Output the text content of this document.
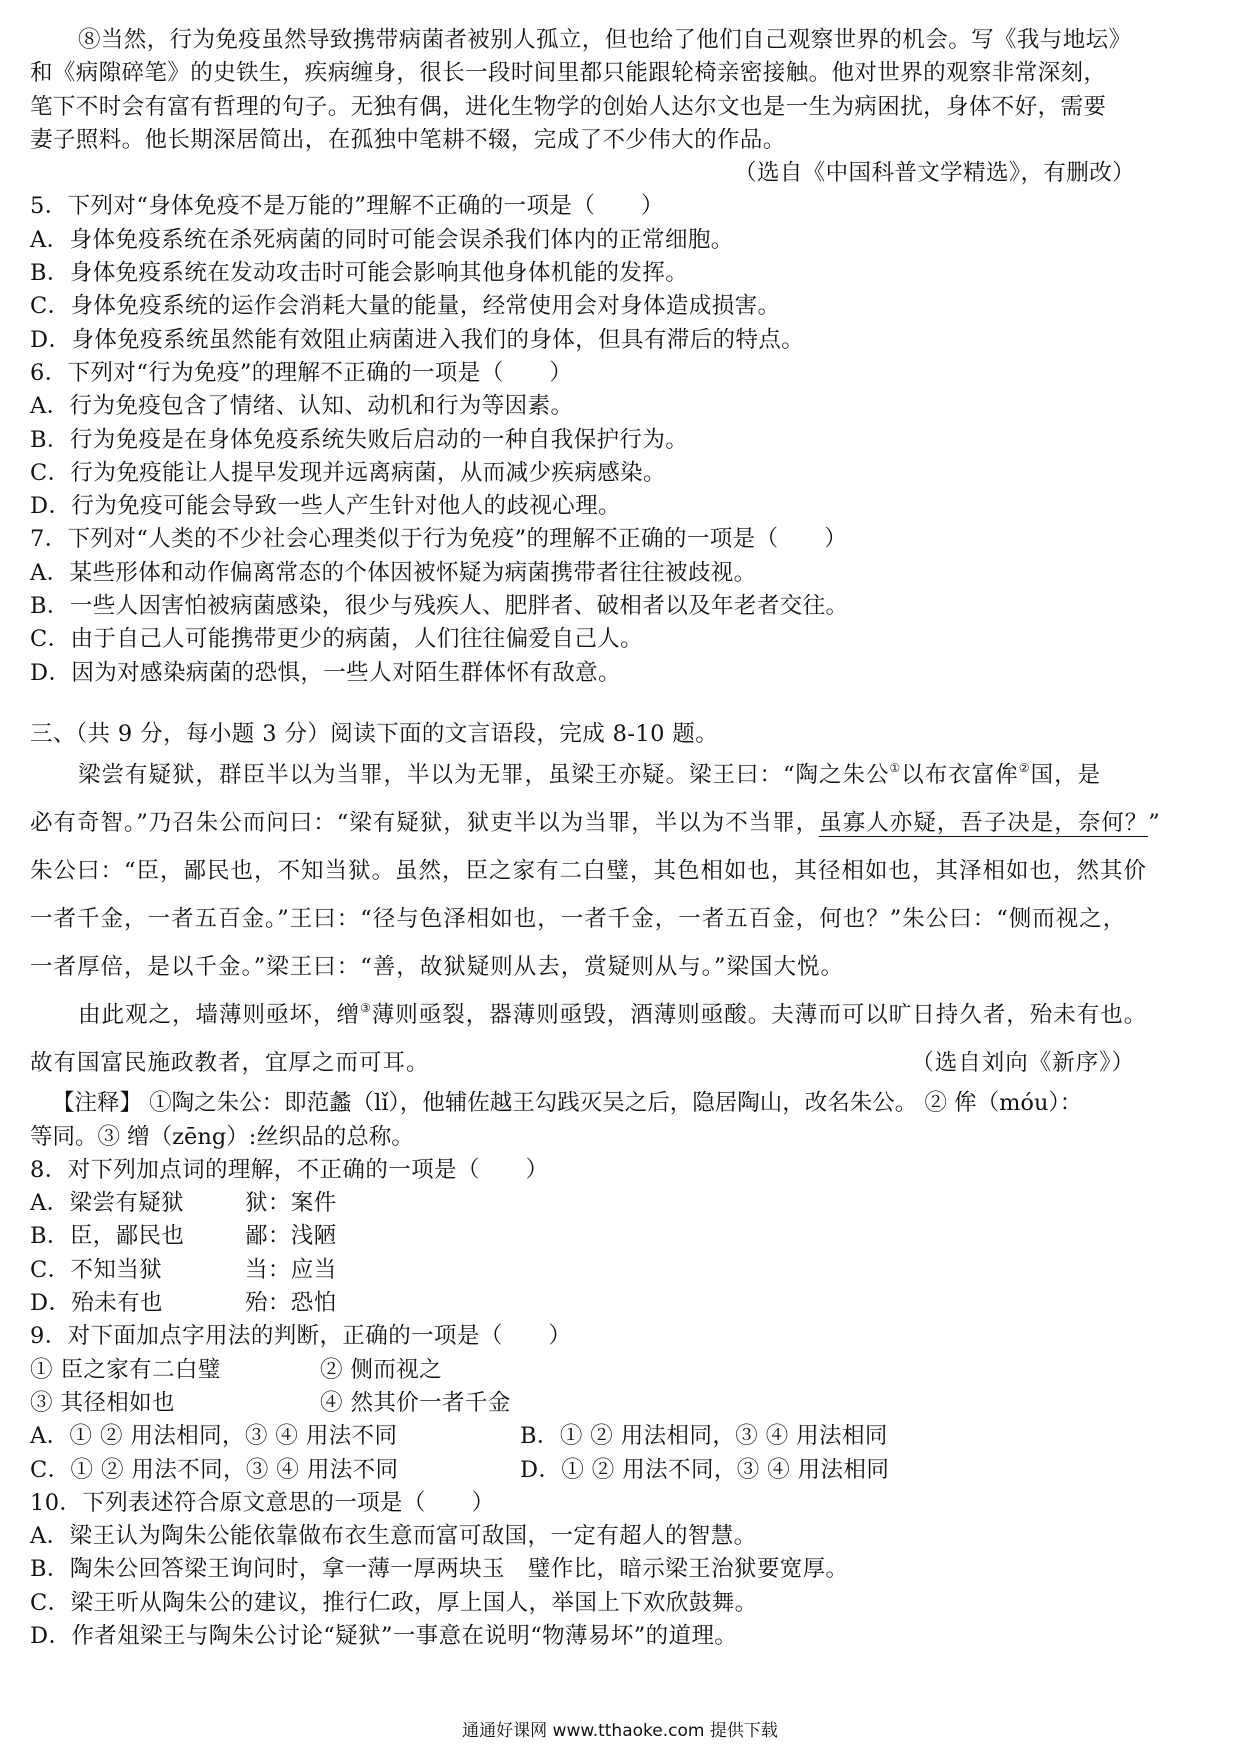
⑧当然，行为免疫虽然导致携带病菌者被别人孤立，但也给了他们自己观察世界的机会。写《我与地坛》
和《病隙碎笔》的史铁生，疾病缠身，很长一段时间里都只能跟轮椅亲密接触。他对世界的观察非常深刻，
笔下不时会有富有哲理的句子。无独有偶，进化生物学的创始人达尔文也是一生为病困扰，身体不好，需要
妻子照料。他长期深居简出，在孤独中笔耕不辍，完成了不少伟大的作品。
（选自《中国科普文学精选》，有删改）
5．下列对“身体免疫不是万能的”理解不正确的一项是（　　）
A．身体免疫系统在杀死病菌的同时可能会误杀我们体内的正常细胞。
B．身体免疫系统在发动攻击时可能会影响其他身体机能的发挥。
C．身体免疫系统的运作会消耗大量的能量，经常使用会对身体造成损害。
D．身体免疫系统虽然能有效阻止病菌进入我们的身体，但具有滞后的特点。
6．下列对“行为免疫”的理解不正确的一项是（　　）
A．行为免疫包含了情绪、认知、动机和行为等因素。
B．行为免疫是在身体免疫系统失败后启动的一种自我保护行为。
C．行为免疫能让人提早发现并远离病菌，从而减少疾病感染。
D．行为免疫可能会导致一些人产生针对他人的歧视心理。
7．下列对“人类的不少社会心理类似于行为免疫”的理解不正确的一项是（　　）
A．某些形体和动作偏离常态的个体因被怀疑为病菌携带者往往被歧视。
B．一些人因害怕被病菌感染，很少与残疾人、肥胖者、破相者以及年老者交往。
C．由于自己人可能携带更少的病菌，人们往往偏爱自己人。
D．因为对感染病菌的恐惧，一些人对陌生群体怀有敌意。
三、（共 9 分，每小题 3 分）阅读下面的文言语段，完成 8-10 题。
梁尝有疑狱，群臣半以为当罪，半以为无罪，虽梁王亦疑。梁王曰：“陶之朱公①以布衣富侔②国，是
必有奇智。”乃召朱公而问曰：“梁有疑狱，狱吏半以为当罪，半以为不当罪，虽寡人亦疑，吾子决是，奈何？”
朱公曰：“臣，鄙民也，不知当狱。虽然，臣之家有二白璧，其色相如也，其径相如也，其泽相如也，然其价
一者千金，一者五百金。”王曰：“径与色泽相如也，一者千金，一者五百金，何也？”朱公曰：“侧而视之，
一者厚倍，是以千金。”梁王曰：“善，故狱疑则从去，赏疑则从与。”梁国大悦。
由此观之，墙薄则亟坏，缯③薄则亟裂，器薄则亟毁，酒薄则亟酸。夫薄而可以旷日持久者，殆未有也。
故有国富民施政教者，宜厚之而可耳。	（选自刘向《新序》）
【注释】 ①陶之朱公：即范蠡（lǐ），他辅佐越王勾践灭吴之后，隐居陶山，改名朱公。 ② 侔（móu）：
等同。③ 缯（zēng）:丝织品的总称。
8．对下列加点词的理解，不正确的一项是（　　）
A．梁尝有疑狱	狱：案件
B．臣，鄙民也	鄙：浅陋
C．不知当狱	当：应当
D．殆未有也	殆：恐怕
9．对下面加点字用法的判断，正确的一项是（　　）
① 臣之家有二白璧	② 侧而视之
③ 其径相如也	④ 然其价一者千金
A．① ② 用法相同，③ ④ 用法不同	B．① ② 用法相同，③ ④ 用法相同
C．① ② 用法不同，③ ④ 用法不同	D．① ② 用法不同，③ ④ 用法相同
10．下列表述符合原文意思的一项是（　　）
A．梁王认为陶朱公能依靠做布衣生意而富可敌国，一定有超人的智慧。
B．陶朱公回答梁王询问时，拿一薄一厚两块玉　璧作比，暗示梁王治狱要宽厚。
C．梁王听从陶朱公的建议，推行仁政，厚上国人，举国上下欢欣鼓舞。
D．作者俎梁王与陶朱公讨论“疑狱”一事意在说明“物薄易坏”的道理。
通通好课网 www.tthaoke.com 提供下载
